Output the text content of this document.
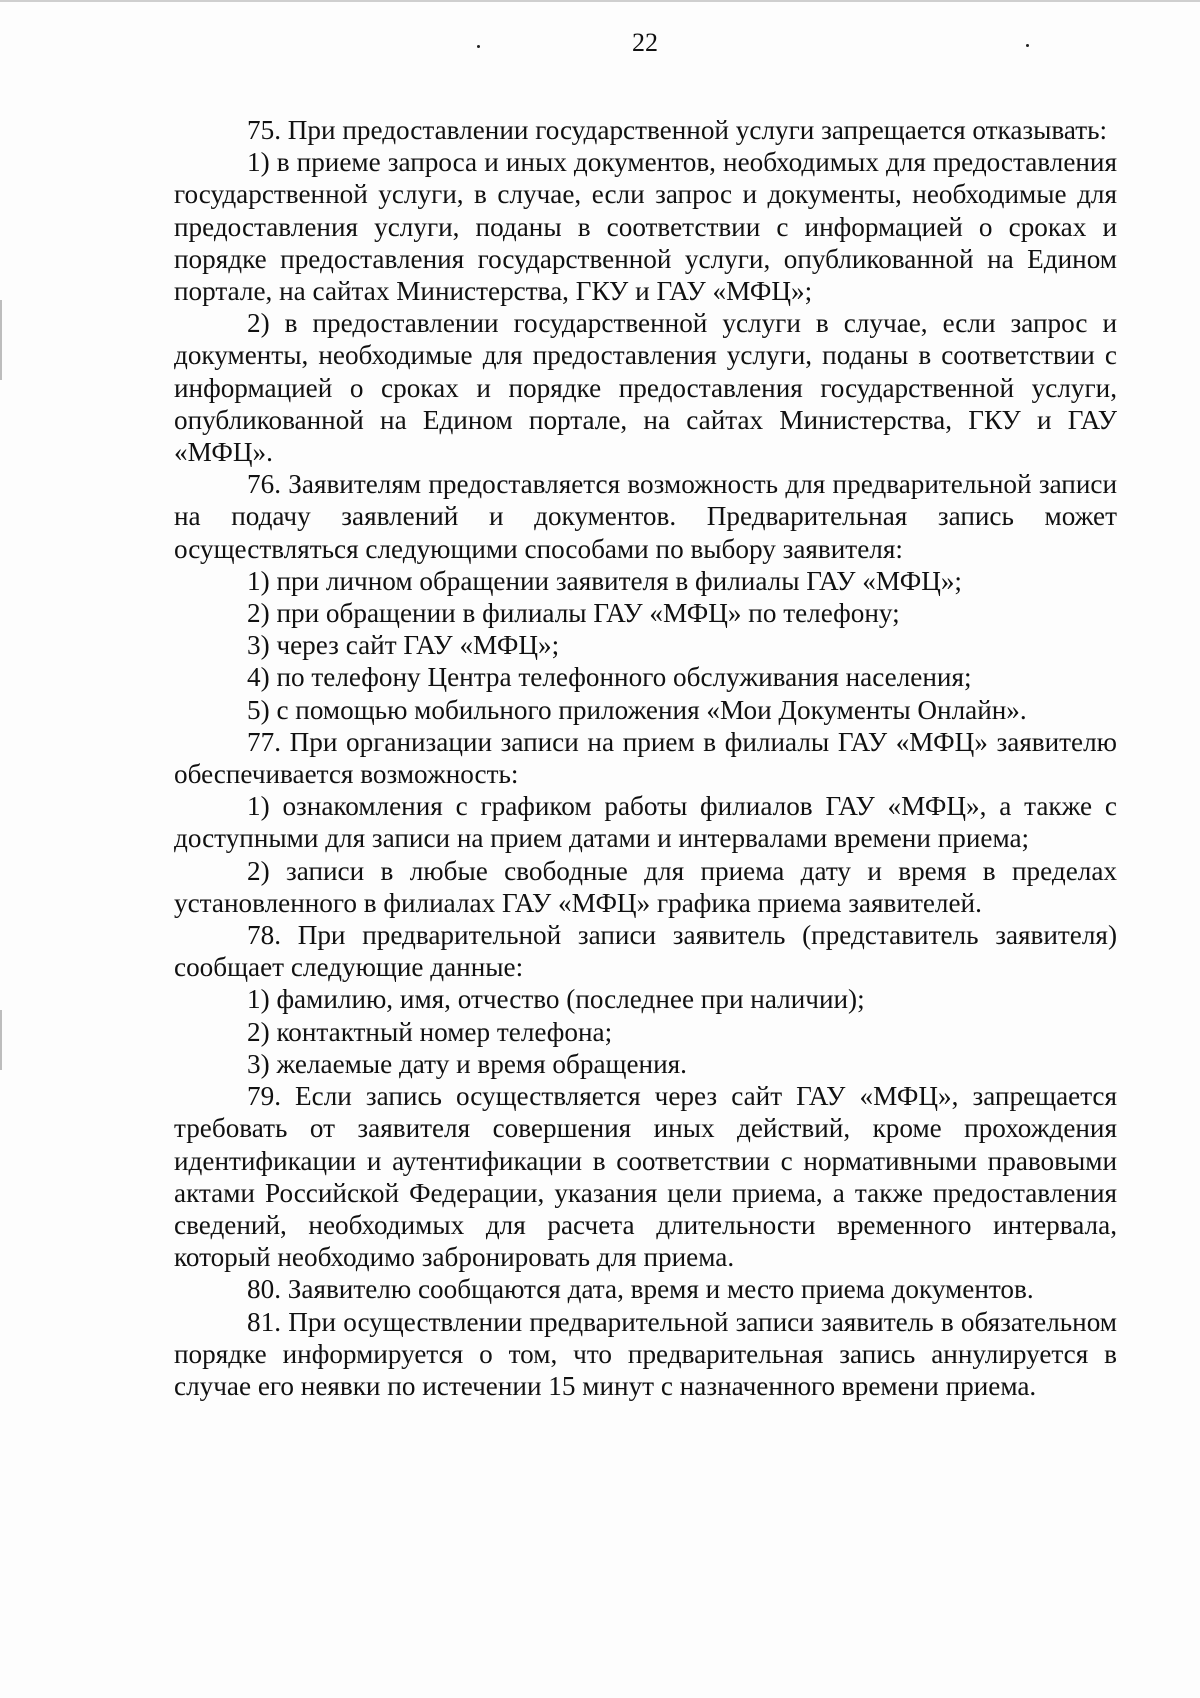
22

75. При предоставлении государственной услуги запрещается отказывать:

1) в приеме запроса и иных документов, необходимых для предоставления государственной услуги, в случае, если запрос и документы, необходимые для предоставления услуги, поданы в соответствии с информацией о сроках и порядке предоставления государственной услуги, опубликованной на Едином портале, на сайтах Министерства, ГКУ и ГАУ «МФЦ»;

2) в предоставлении государственной услуги в случае, если запрос и документы, необходимые для предоставления услуги, поданы в соответствии с информацией о сроках и порядке предоставления государственной услуги, опубликованной на Едином портале, на сайтах Министерства, ГКУ и ГАУ «МФЦ».

76. Заявителям предоставляется возможность для предварительной записи на подачу заявлений и документов. Предварительная запись может осуществляться следующими способами по выбору заявителя:

1) при личном обращении заявителя в филиалы ГАУ «МФЦ»;

2) при обращении в филиалы ГАУ «МФЦ» по телефону;

3) через сайт ГАУ «МФЦ»;

4) по телефону Центра телефонного обслуживания населения;

5) с помощью мобильного приложения «Мои Документы Онлайн».

77. При организации записи на прием в филиалы ГАУ «МФЦ» заявителю обеспечивается возможность:

1) ознакомления с графиком работы филиалов ГАУ «МФЦ», а также с доступными для записи на прием датами и интервалами времени приема;

2) записи в любые свободные для приема дату и время в пределах установленного в филиалах ГАУ «МФЦ» графика приема заявителей.

78. При предварительной записи заявитель (представитель заявителя) сообщает следующие данные:

1) фамилию, имя, отчество (последнее при наличии);

2) контактный номер телефона;

3) желаемые дату и время обращения.

79. Если запись осуществляется через сайт ГАУ «МФЦ», запрещается требовать от заявителя совершения иных действий, кроме прохождения идентификации и аутентификации в соответствии с нормативными правовыми актами Российской Федерации, указания цели приема, а также предоставления сведений, необходимых для расчета длительности временного интервала, который необходимо забронировать для приема.

80. Заявителю сообщаются дата, время и место приема документов.

81. При осуществлении предварительной записи заявитель в обязательном порядке информируется о том, что предварительная запись аннулируется в случае его неявки по истечении 15 минут с назначенного времени приема.
